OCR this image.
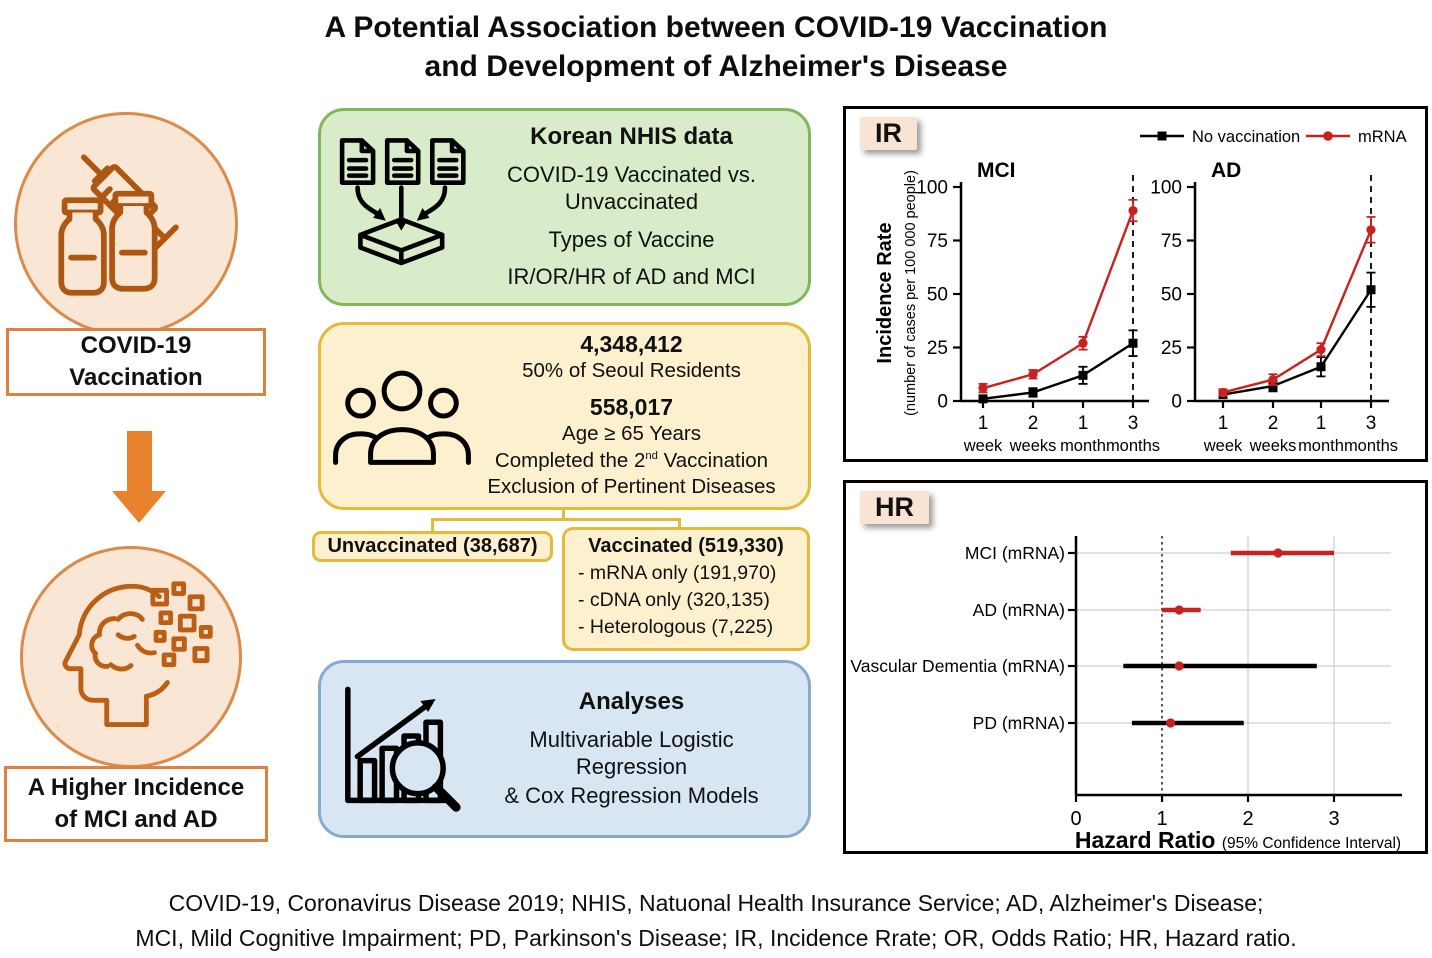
A Potential Association between COVID-19 Vaccination
and Development of Alzheimer's Disease
COVID-19
Vaccination
A Higher Incidence
of MCI and AD
Korean NHIS data
COVID-19 Vaccinated vs. Unvaccinated
Types of Vaccine
IR/OR/HR of AD and MCI
4,348,412
50% of Seoul Residents
558,017
Age ≥ 65 Years
Completed the 2nd Vaccination
Exclusion of Pertinent Diseases
Unvaccinated (38,687)	Vaccinated (519,330)
- mRNA only (191,970)
- cDNA only (320,135)
- Heterologous (7,225)
Analyses
Multivariable Logistic Regression
& Cox Regression Models
IR	No vaccination	mRNA
0
25
50
75
100
1
week
2
weeks
1
month
3
months
MCI
0
25
50
75
100
1
week
2
weeks
1
month
3
months
AD
Incidence Rate (number of cases per 100 000 people)
HR
MCI (mRNA)
AD (mRNA)
Vascular Dementia (mRNA)
PD (mRNA)
0	1	2	3
Hazard Ratio (95% Confidence Interval)
COVID-19, Coronavirus Disease 2019; NHIS, Natuonal Health Insurance Service; AD, Alzheimer's Disease;
MCI, Mild Cognitive Impairment; PD, Parkinson's Disease; IR, Incidence Rrate; OR, Odds Ratio; HR, Hazard ratio.
